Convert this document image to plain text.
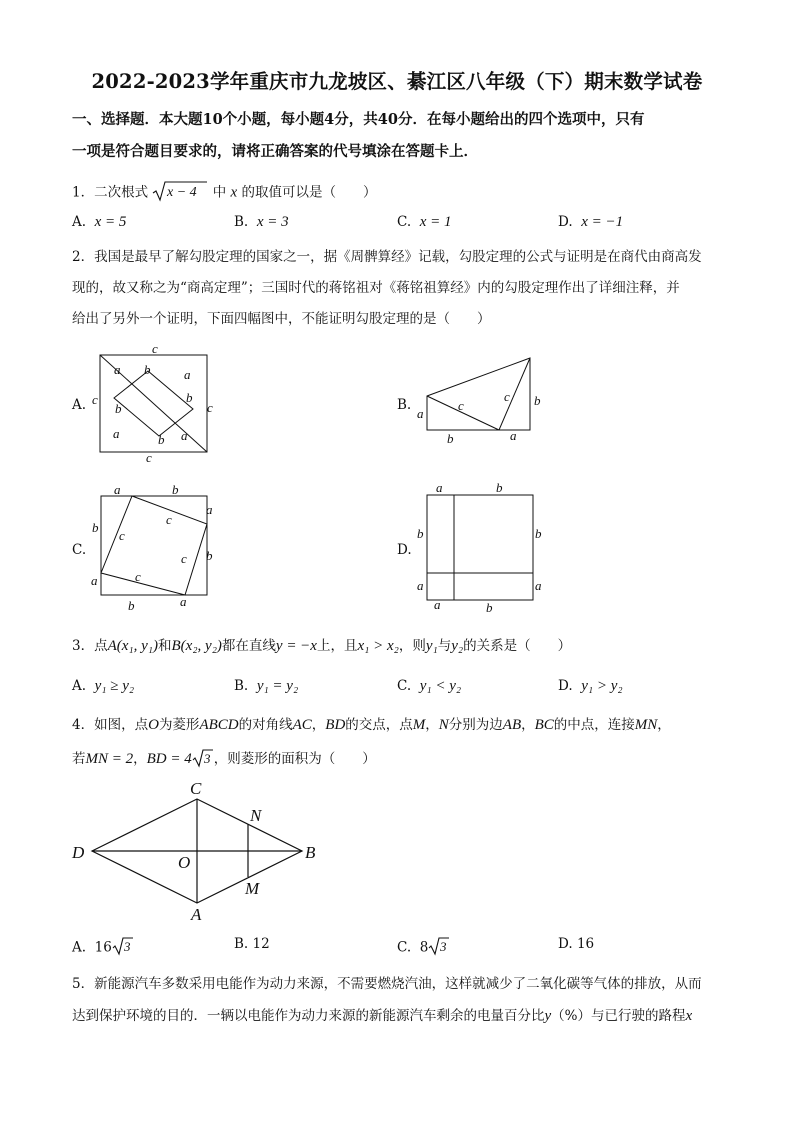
2022-2023学年重庆市九龙坡区、綦江区八年级（下）期末数学试卷
一、选择题．本大题10个小题，每小题4分，共40分．在每小题给出的四个选项中，只有
一项是符合题目要求的，请将正确答案的代号填涂在答题卡上．
1．二次根式 x − 4 中 x 的取值可以是（　　）
A. x = 5	B. x = 3	C. x = 1	D. x = −1
2．我国是最早了解勾股定理的国家之一，据《周髀算经》记载，勾股定理的公式与证明是在商代由商高发
现的，故又称之为“商高定理”；三国时代的蒋铭祖对《蒋铭祖算经》内的勾股定理作出了详细注释，并
给出了另外一个证明，下面四幅图中，不能证明勾股定理的是（　　）
A.
c
a b	a
c	b
c
b
a	b a
c
B.
a
c
c b
b	a
C.
a	b
a
b
c
c
b
c
c
a
b	a
D.
a	b
b	b
a	a
a	b
3．点A(x₁, y₁)和B(x₂, y₂)都在直线y = −x上，且x₁ > x₂，则y₁与y₂的关系是（　　）
A. y₁ ≥ y₂	B. y₁ = y₂	C. y₁ < y₂	D. y₁ > y₂
4．如图，点O为菱形ABCD的对角线AC，BD的交点，点M，N分别为边AB，BC的中点，连接MN，
若MN = 2，BD = 4 3 ，则菱形的面积为（　　）
C
N
D
O
B
M
A
A. 16 3	B. 12	C. 8 3	D. 16
5．新能源汽车多数采用电能作为动力来源，不需要燃烧汽油，这样就减少了二氧化碳等气体的排放，从而
达到保护环境的目的．一辆以电能作为动力来源的新能源汽车剩余的电量百分比y（%）与已行驶的路程x
